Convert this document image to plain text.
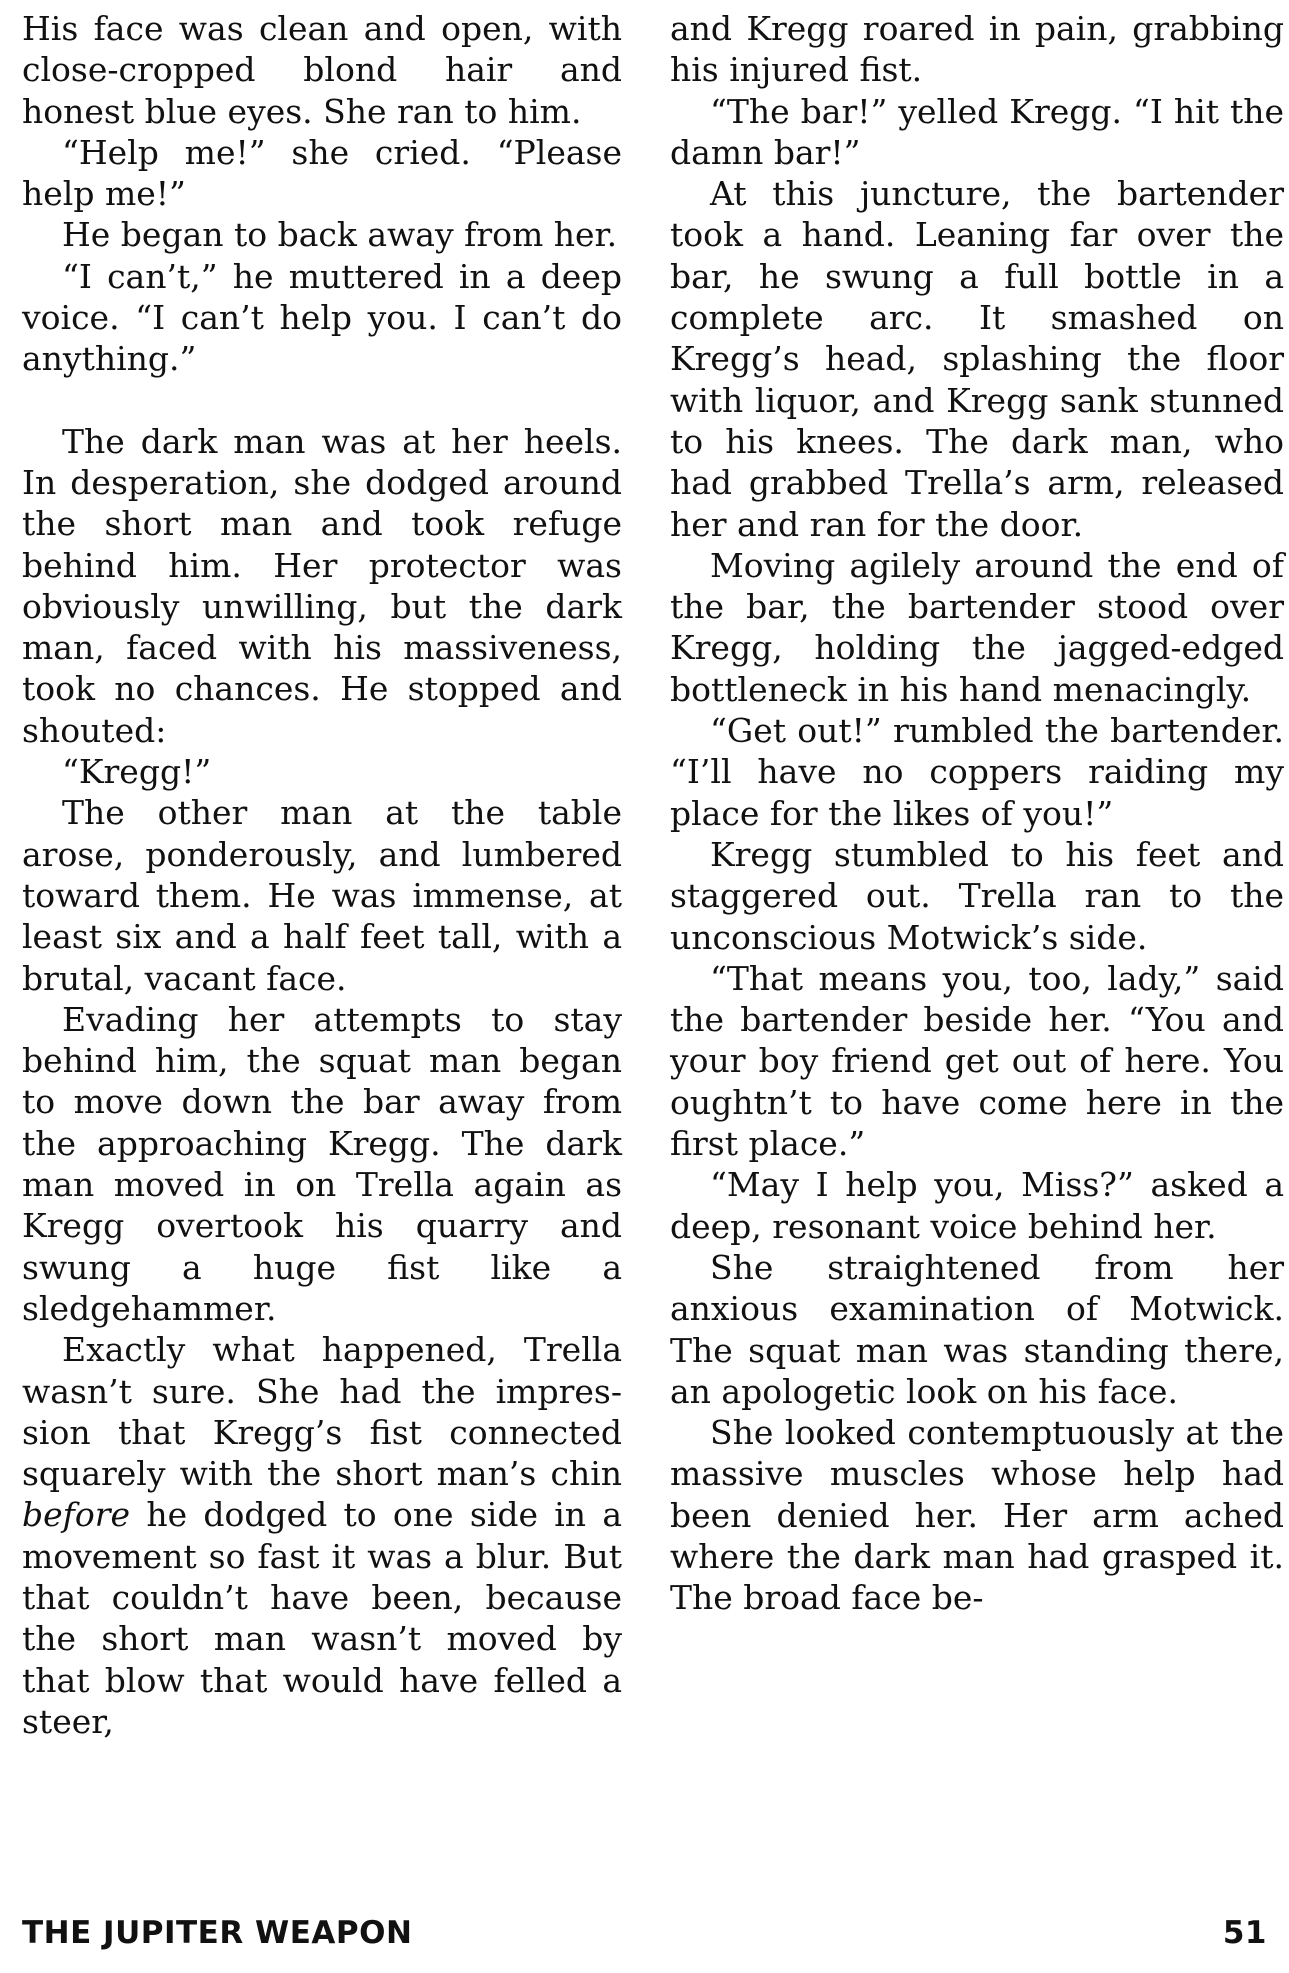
His face was clean and open, with close-cropped blond hair and honest blue eyes. She ran to him.

“Help me!” she cried. “Please help me!”

He began to back away from her.

“I can’t,” he muttered in a deep voice. “I can’t help you. I can’t do anything.”

The dark man was at her heels. In desperation, she dodged around the short man and took refuge behind him. Her protector was obviously unwilling, but the dark man, faced with his massiveness, took no chances. He stopped and shouted:

“Kregg!”

The other man at the table arose, ponderously, and lumbered toward them. He was immense, at least six and a half feet tall, with a brutal, vacant face.

Evading her attempts to stay behind him, the squat man began to move down the bar away from the approaching Kregg. The dark man moved in on Trella again as Kregg overtook his quarry and swung a huge fist like a sledgehammer.

Exactly what happened, Trella wasn’t sure. She had the impression that Kregg’s fist connected squarely with the short man’s chin before he dodged to one side in a movement so fast it was a blur. But that couldn’t have been, because the short man wasn’t moved by that blow that would have felled a steer,

and Kregg roared in pain, grabbing his injured fist.

“The bar!” yelled Kregg. “I hit the damn bar!”

At this juncture, the bartender took a hand. Leaning far over the bar, he swung a full bottle in a complete arc. It smashed on Kregg’s head, splashing the floor with liquor, and Kregg sank stunned to his knees. The dark man, who had grabbed Trella’s arm, released her and ran for the door.

Moving agilely around the end of the bar, the bartender stood over Kregg, holding the jagged-edged bottleneck in his hand menacingly.

“Get out!” rumbled the bartender. “I’ll have no coppers raiding my place for the likes of you!”

Kregg stumbled to his feet and staggered out. Trella ran to the unconscious Motwick’s side.

“That means you, too, lady,” said the bartender beside her. “You and your boy friend get out of here. You oughtn’t to have come here in the first place.”

“May I help you, Miss?” asked a deep, resonant voice behind her.

She straightened from her anxious examination of Motwick. The squat man was standing there, an apologetic look on his face.

She looked contemptuously at the massive muscles whose help had been denied her. Her arm ached where the dark man had grasped it. The broad face be-

THE JUPITER WEAPON	51
